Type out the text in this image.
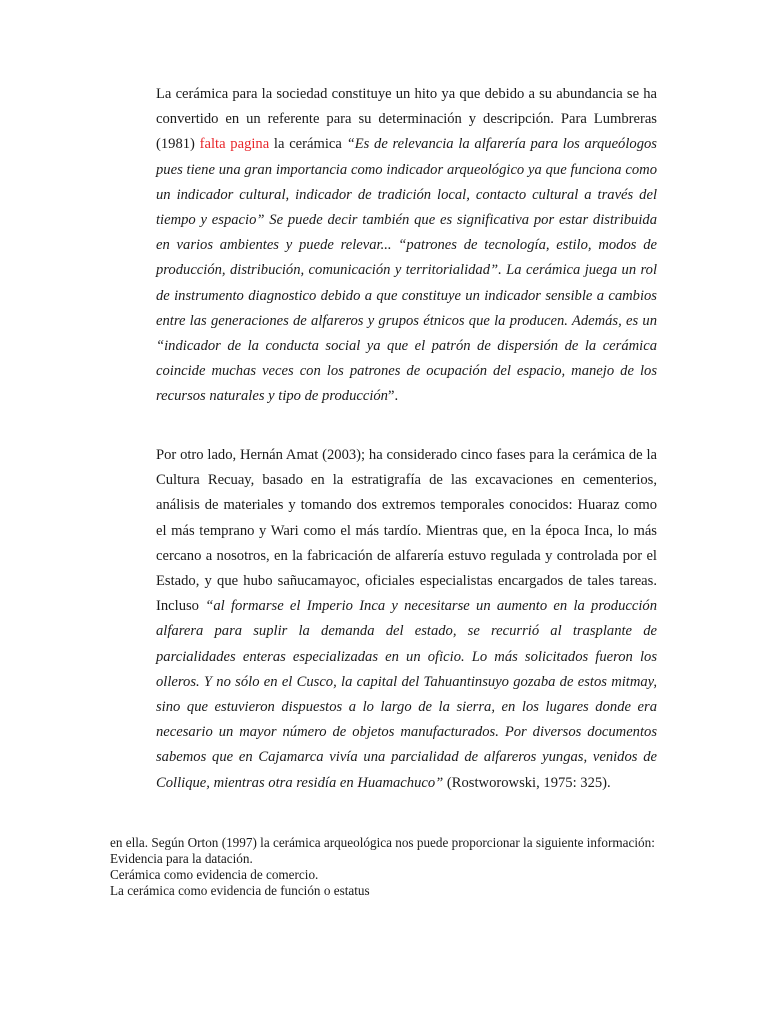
La cerámica para la sociedad constituye un hito ya que debido a su abundancia se ha convertido en un referente para su determinación y descripción. Para Lumbreras (1981) falta pagina la cerámica “Es de relevancia la alfarería para los arqueólogos pues tiene una gran importancia como indicador arqueológico ya que funciona como un indicador cultural, indicador de tradición local, contacto cultural a través del tiempo y espacio” Se puede decir también que es significativa por estar distribuida en varios ambientes y puede relevar... “patrones de tecnología, estilo, modos de producción, distribución, comunicación y territorialidad”. La cerámica juega un rol de instrumento diagnostico debido a que constituye un indicador sensible a cambios entre las generaciones de alfareros y grupos étnicos que la producen. Además, es un “indicador de la conducta social ya que el patrón de dispersión de la cerámica coincide muchas veces con los patrones de ocupación del espacio, manejo de los recursos naturales y tipo de producción”.

Por otro lado, Hernán Amat (2003); ha considerado cinco fases para la cerámica de la Cultura Recuay, basado en la estratigrafía de las excavaciones en cementerios, análisis de materiales y tomando dos extremos temporales conocidos: Huaraz como el más temprano y Wari como el más tardío. Mientras que, en la época Inca, lo más cercano a nosotros, en la fabricación de alfarería estuvo regulada y controlada por el Estado, y que hubo sañucamayoc, oficiales especialistas encargados de tales tareas. Incluso “al formarse el Imperio Inca y necesitarse un aumento en la producción alfarera para suplir la demanda del estado, se recurrió al trasplante de parcialidades enteras especializadas en un oficio. Lo más solicitados fueron los olleros. Y no sólo en el Cusco, la capital del Tahuantinsuyo gozaba de estos mitmay, sino que estuvieron dispuestos a lo largo de la sierra, en los lugares donde era necesario un mayor número de objetos manufacturados. Por diversos documentos sabemos que en Cajamarca vivía una parcialidad de alfareros yungas, venidos de Collique, mientras otra residía en Huamachuco” (Rostworowski, 1975: 325).

en ella. Según Orton (1997) la cerámica arqueológica nos puede proporcionar la siguiente información:
Evidencia para la datación.
Cerámica como evidencia de comercio.
La cerámica como evidencia de función o estatus
